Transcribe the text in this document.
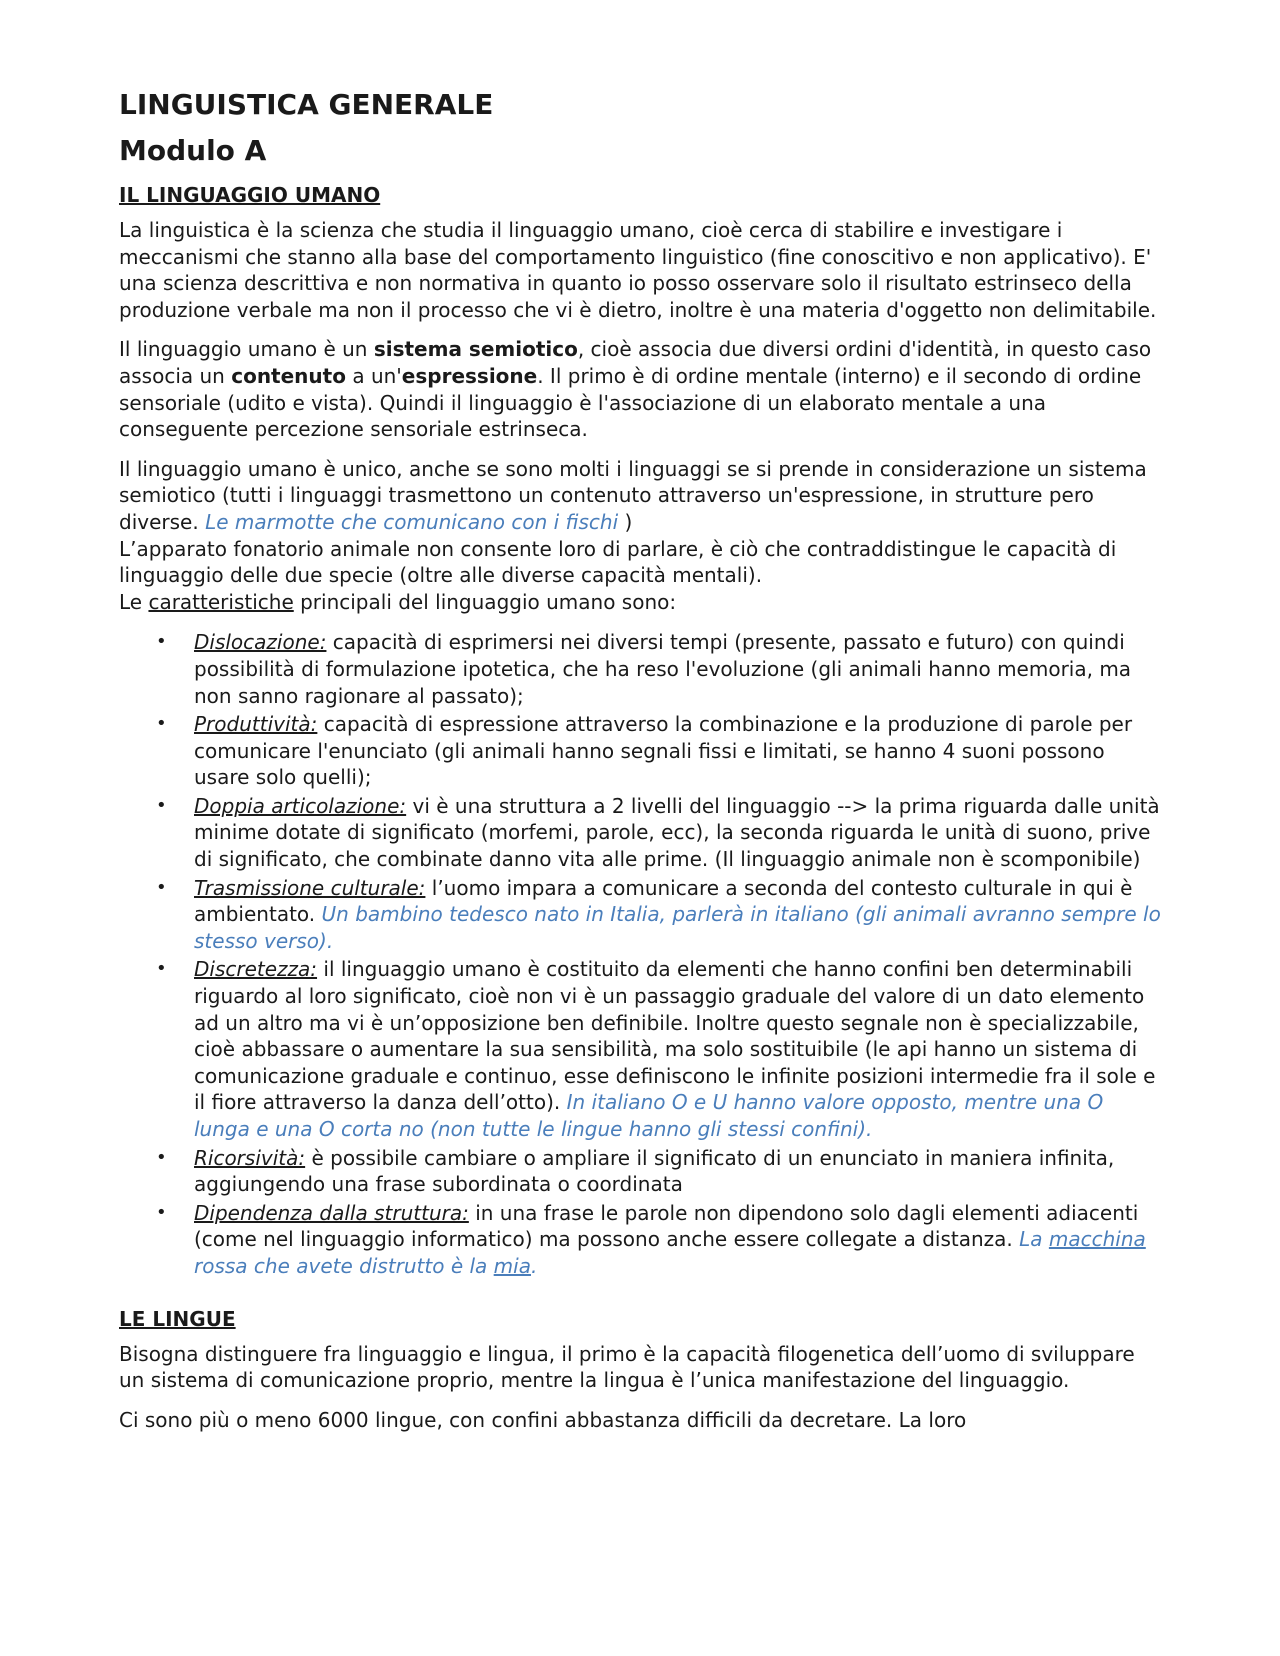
LINGUISTICA GENERALE
Modulo A
IL LINGUAGGIO UMANO

La linguistica è la scienza che studia il linguaggio umano, cioè cerca di stabilire e investigare i meccanismi che stanno alla base del comportamento linguistico (fine conoscitivo e non applicativo). E' una scienza descrittiva e non normativa in quanto io posso osservare solo il risultato estrinseco della produzione verbale ma non il processo che vi è dietro, inoltre è una materia d'oggetto non delimitabile.

Il linguaggio umano è un sistema semiotico, cioè associa due diversi ordini d'identità, in questo caso associa un contenuto a un'espressione. Il primo è di ordine mentale (interno) e il secondo di ordine sensoriale (udito e vista). Quindi il linguaggio è l'associazione di un elaborato mentale a una conseguente percezione sensoriale estrinseca.

Il linguaggio umano è unico, anche se sono molti i linguaggi se si prende in considerazione un sistema semiotico (tutti i linguaggi trasmettono un contenuto attraverso un'espressione, in strutture pero diverse. Le marmotte che comunicano con i fischi )

L’apparato fonatorio animale non consente loro di parlare, è ciò che contraddistingue le capacità di linguaggio delle due specie (oltre alle diverse capacità mentali).

Le caratteristiche principali del linguaggio umano sono:

• Dislocazione: capacità di esprimersi nei diversi tempi (presente, passato e futuro) con quindi possibilità di formulazione ipotetica, che ha reso l'evoluzione (gli animali hanno memoria, ma non sanno ragionare al passato);
• Produttività: capacità di espressione attraverso la combinazione e la produzione di parole per comunicare l'enunciato (gli animali hanno segnali fissi e limitati, se hanno 4 suoni possono usare solo quelli);
• Doppia articolazione: vi è una struttura a 2 livelli del linguaggio --> la prima riguarda dalle unità minime dotate di significato (morfemi, parole, ecc), la seconda riguarda le unità di suono, prive di significato, che combinate danno vita alle prime. (Il linguaggio animale non è scomponibile)
• Trasmissione culturale: l’uomo impara a comunicare a seconda del contesto culturale in qui è ambientato. Un bambino tedesco nato in Italia, parlerà in italiano (gli animali avranno sempre lo stesso verso).
• Discretezza: il linguaggio umano è costituito da elementi che hanno confini ben determinabili riguardo al loro significato, cioè non vi è un passaggio graduale del valore di un dato elemento ad un altro ma vi è un’opposizione ben definibile. Inoltre questo segnale non è specializzabile, cioè abbassare o aumentare la sua sensibilità, ma solo sostituibile (le api hanno un sistema di comunicazione graduale e continuo, esse definiscono le infinite posizioni intermedie fra il sole e il fiore attraverso la danza dell’otto). In italiano O e U hanno valore opposto, mentre una O lunga e una O corta no (non tutte le lingue hanno gli stessi confini).
• Ricorsività: è possibile cambiare o ampliare il significato di un enunciato in maniera infinita, aggiungendo una frase subordinata o coordinata
• Dipendenza dalla struttura: in una frase le parole non dipendono solo dagli elementi adiacenti (come nel linguaggio informatico) ma possono anche essere collegate a distanza. La macchina rossa che avete distrutto è la mia.
LE LINGUE

Bisogna distinguere fra linguaggio e lingua, il primo è la capacità filogenetica dell’uomo di sviluppare un sistema di comunicazione proprio, mentre la lingua è l’unica manifestazione del linguaggio.

Ci sono più o meno 6000 lingue, con confini abbastanza difficili da decretare. La loro
